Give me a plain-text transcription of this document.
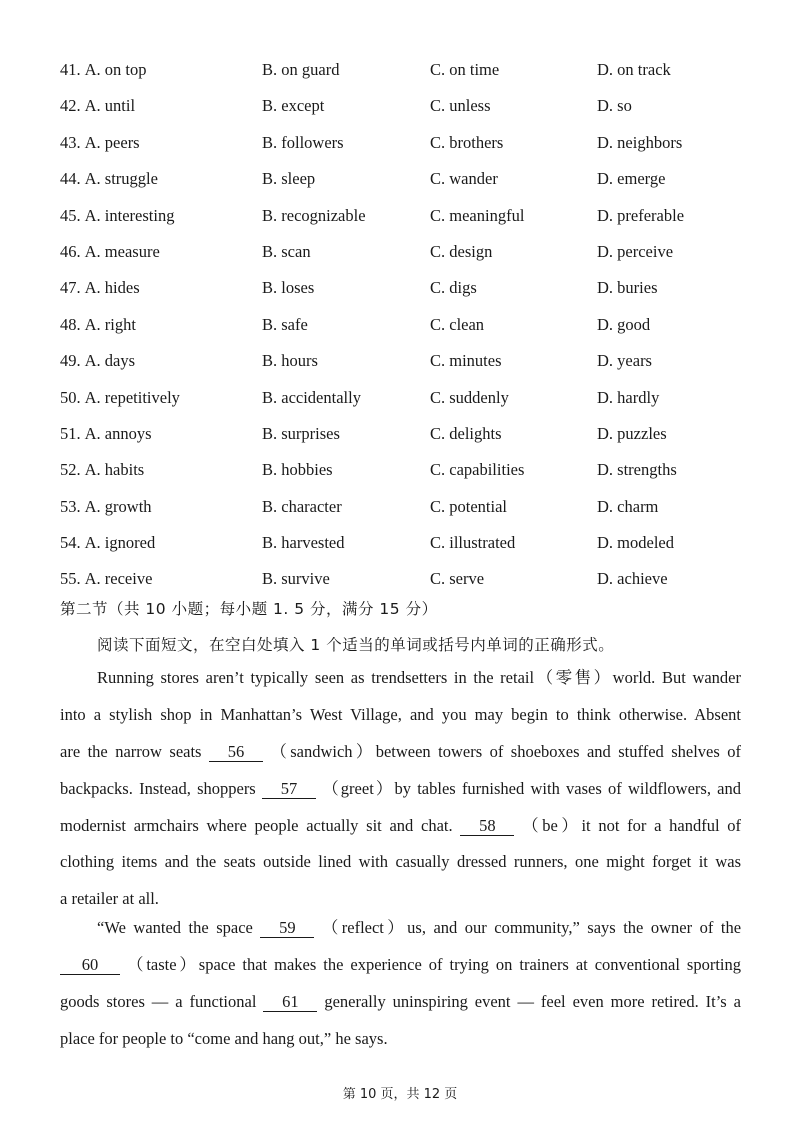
41. A. on top	B. on guard	C. on time	D. on track
42. A. until	B. except	C. unless	D. so
43. A. peers	B. followers	C. brothers	D. neighbors
44. A. struggle	B. sleep	C. wander	D. emerge
45. A. interesting	B. recognizable	C. meaningful	D. preferable
46. A. measure	B. scan	C. design	D. perceive
47. A. hides	B. loses	C. digs	D. buries
48. A. right	B. safe	C. clean	D. good
49. A. days	B. hours	C. minutes	D. years
50. A. repetitively	B. accidentally	C. suddenly	D. hardly
51. A. annoys	B. surprises	C. delights	D. puzzles
52. A. habits	B. hobbies	C. capabilities	D. strengths
53. A. growth	B. character	C. potential	D. charm
54. A. ignored	B. harvested	C. illustrated	D. modeled
55. A. receive	B. survive	C. serve	D. achieve
第二节（共 10 小题；每小题 1. 5 分，满分 15 分）
阅读下面短文，在空白处填入 1 个适当的单词或括号内单词的正确形式。
Running stores aren’t typically seen as trendsetters in the retail（零售）world. But wander
into a stylish shop in Manhattan’s West Village, and you may begin to think otherwise. Absent
are the narrow seats 56 （sandwich）between towers of shoeboxes and stuffed shelves of
backpacks. Instead, shoppers 57 （greet）by tables furnished with vases of wildflowers, and
modernist armchairs where people actually sit and chat. 58 （be）it not for a handful of
clothing items and the seats outside lined with casually dressed runners, one might forget it was
a retailer at all.
“We wanted the space 59 （reflect）us, and our community,” says the owner of the
60 （taste）space that makes the experience of trying on trainers at conventional sporting
goods stores — a functional 61 generally uninspiring event — feel even more retired. It’s a
place for people to “come and hang out,” he says.
第 10 页，共 12 页
